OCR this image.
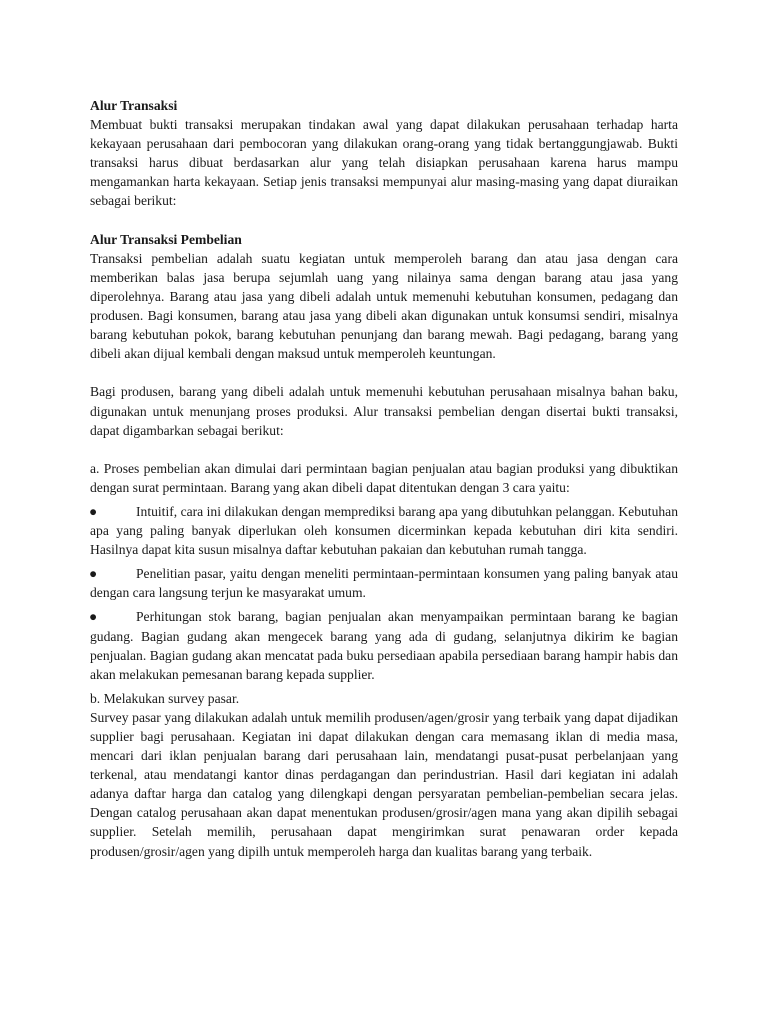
Alur Transaksi

Membuat bukti transaksi merupakan tindakan awal yang dapat dilakukan perusahaan terhadap harta kekayaan perusahaan dari pembocoran yang dilakukan orang-orang yang tidak bertanggungjawab. Bukti transaksi harus dibuat berdasarkan alur yang telah disiapkan perusahaan karena harus mampu mengamankan harta kekayaan. Setiap jenis transaksi mempunyai alur masing-masing yang dapat diuraikan sebagai berikut:

Alur Transaksi Pembelian

Transaksi pembelian adalah suatu kegiatan untuk memperoleh barang dan atau jasa dengan cara memberikan balas jasa berupa sejumlah uang yang nilainya sama dengan barang atau jasa yang diperolehnya. Barang atau jasa yang dibeli adalah untuk memenuhi kebutuhan konsumen, pedagang dan produsen. Bagi konsumen, barang atau jasa yang dibeli akan digunakan untuk konsumsi sendiri, misalnya barang kebutuhan pokok, barang kebutuhan penunjang dan barang mewah. Bagi pedagang, barang yang dibeli akan dijual kembali dengan maksud untuk memperoleh keuntungan.

Bagi produsen, barang yang dibeli adalah untuk memenuhi kebutuhan perusahaan misalnya bahan baku, digunakan untuk menunjang proses produksi. Alur transaksi pembelian dengan disertai bukti transaksi, dapat digambarkan sebagai berikut:

a. Proses pembelian akan dimulai dari permintaan bagian penjualan atau bagian produksi yang dibuktikan dengan surat permintaan. Barang yang akan dibeli dapat ditentukan dengan 3 cara yaitu:

●	Intuitif, cara ini dilakukan dengan memprediksi barang apa yang dibutuhkan pelanggan. Kebutuhan apa yang paling banyak diperlukan oleh konsumen dicerminkan kepada kebutuhan diri kita sendiri. Hasilnya dapat kita susun misalnya daftar kebutuhan pakaian dan kebutuhan rumah tangga.
●	Penelitian pasar, yaitu dengan meneliti permintaan-permintaan konsumen yang paling banyak atau dengan cara langsung terjun ke masyarakat umum.
●	Perhitungan stok barang, bagian penjualan akan menyampaikan permintaan barang ke bagian gudang. Bagian gudang akan mengecek barang yang ada di gudang, selanjutnya dikirim ke bagian penjualan. Bagian gudang akan mencatat pada buku persediaan apabila persediaan barang hampir habis dan akan melakukan pemesanan barang kepada supplier.

b. Melakukan survey pasar.

Survey pasar yang dilakukan adalah untuk memilih produsen/agen/grosir yang terbaik yang dapat dijadikan supplier bagi perusahaan. Kegiatan ini dapat dilakukan dengan cara memasang iklan di media masa, mencari dari iklan penjualan barang dari perusahaan lain, mendatangi pusat-pusat perbelanjaan yang terkenal, atau mendatangi kantor dinas perdagangan dan perindustrian. Hasil dari kegiatan ini adalah adanya daftar harga dan catalog yang dilengkapi dengan persyaratan pembelian-pembelian secara jelas. Dengan catalog perusahaan akan dapat menentukan produsen/grosir/agen mana yang akan dipilih sebagai supplier. Setelah memilih, perusahaan dapat mengirimkan surat penawaran order kepada produsen/grosir/agen yang dipilh untuk memperoleh harga dan kualitas barang yang terbaik.
